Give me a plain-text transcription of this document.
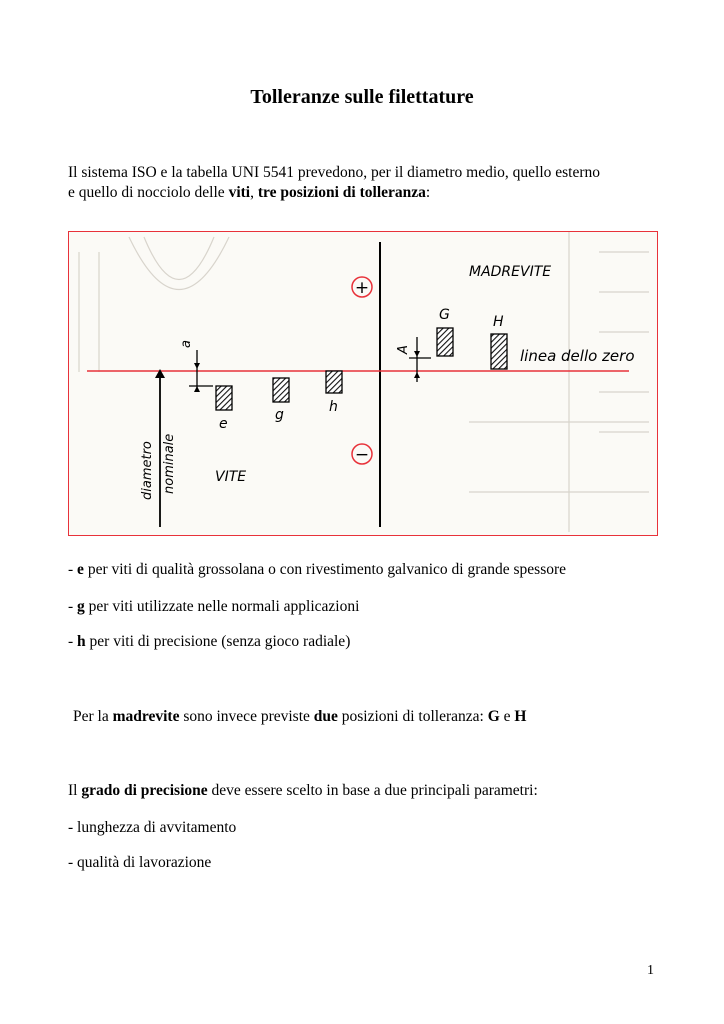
Tolleranze sulle filettature
Il sistema ISO e la tabella UNI 5541 prevedono, per il diametro medio, quello esterno
e quello di nocciolo delle viti, tre posizioni di tolleranza:
linea dello zero
+
−
MADREVITE
VITE
diametro nominale
a
A
e
g	h
G	H
- e per viti di qualità grossolana o con rivestimento galvanico di grande spessore
- g per viti utilizzate nelle normali applicazioni
- h per viti di precisione (senza gioco radiale)
Per la madrevite sono invece previste due posizioni di tolleranza: G e H
Il grado di precisione deve essere scelto in base a due principali parametri:
- lunghezza di avvitamento
- qualità di lavorazione
1
